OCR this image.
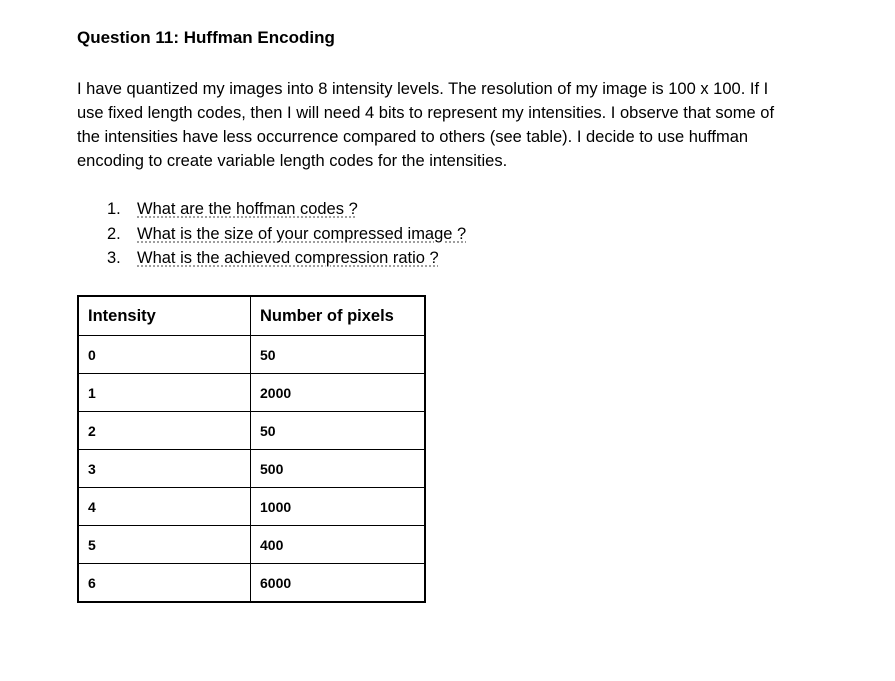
Question 11: Huffman Encoding

I have quantized my images into 8 intensity levels. The resolution of my image is 100 x 100. If I
use fixed length codes, then I will need 4 bits to represent my intensities. I observe that some of
the intensities have less occurrence compared to others (see table). I decide to use huffman
encoding to create variable length codes for the intensities.

1. What are the hoffman codes ?
2. What is the size of your compressed image ?
3. What is the achieved compression ratio ?
Intensity	Number of pixels
0	50
1	2000
2	50
3	500
4	1000
5	400
6	6000
